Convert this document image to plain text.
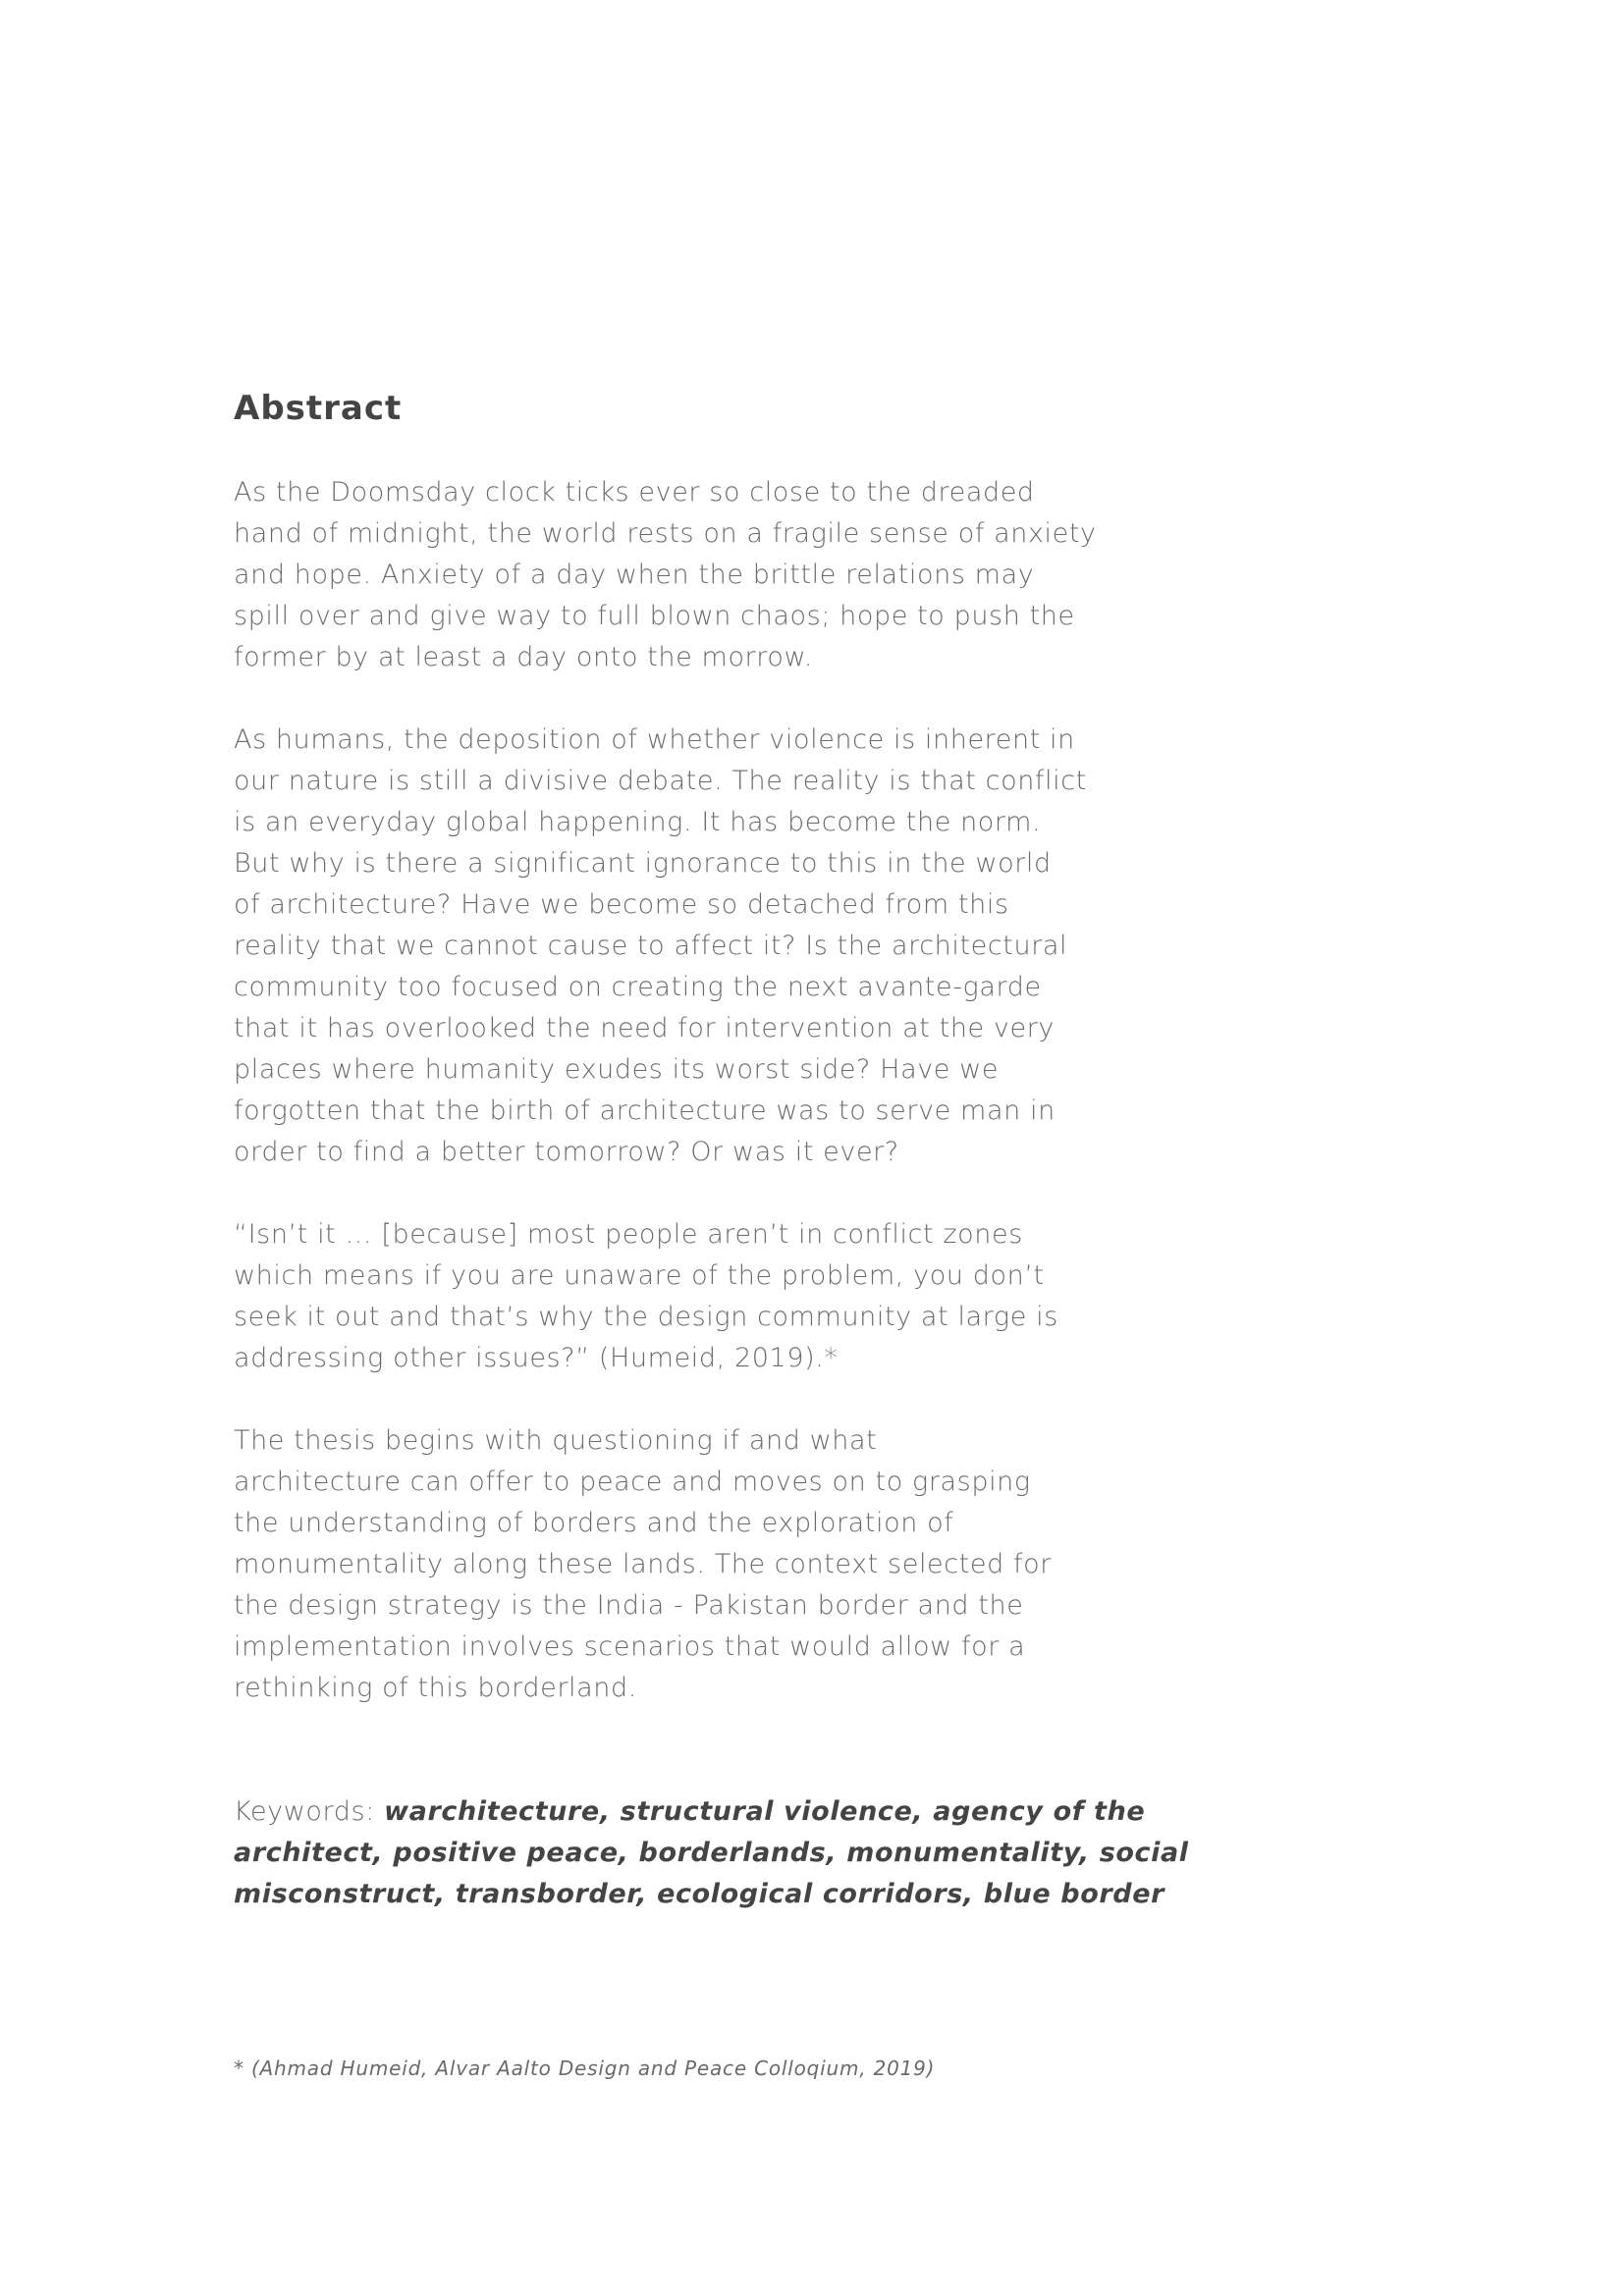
Abstract

As the Doomsday clock ticks ever so close to the dreaded
hand of midnight, the world rests on a fragile sense of anxiety
and hope. Anxiety of a day when the brittle relations may
spill over and give way to full blown chaos; hope to push the
former by at least a day onto the morrow.

As humans, the deposition of whether violence is inherent in
our nature is still a divisive debate. The reality is that conflict
is an everyday global happening. It has become the norm.
But why is there a significant ignorance to this in the world
of architecture? Have we become so detached from this
reality that we cannot cause to affect it? Is the architectural
community too focused on creating the next avante-garde
that it has overlooked the need for intervention at the very
places where humanity exudes its worst side? Have we
forgotten that the birth of architecture was to serve man in
order to find a better tomorrow? Or was it ever?

“Isn’t it … [because] most people aren’t in conflict zones
which means if you are unaware of the problem, you don’t
seek it out and that’s why the design community at large is
addressing other issues?” (Humeid, 2019).*

The thesis begins with questioning if and what
architecture can offer to peace and moves on to grasping
the understanding of borders and the exploration of
monumentality along these lands. The context selected for
the design strategy is the India - Pakistan border and the
implementation involves scenarios that would allow for a
rethinking of this borderland.

Keywords: warchitecture, structural violence, agency of the
architect, positive peace, borderlands, monumentality, social
misconstruct, transborder, ecological corridors, blue border
* (Ahmad Humeid, Alvar Aalto Design and Peace Colloqium, 2019)
